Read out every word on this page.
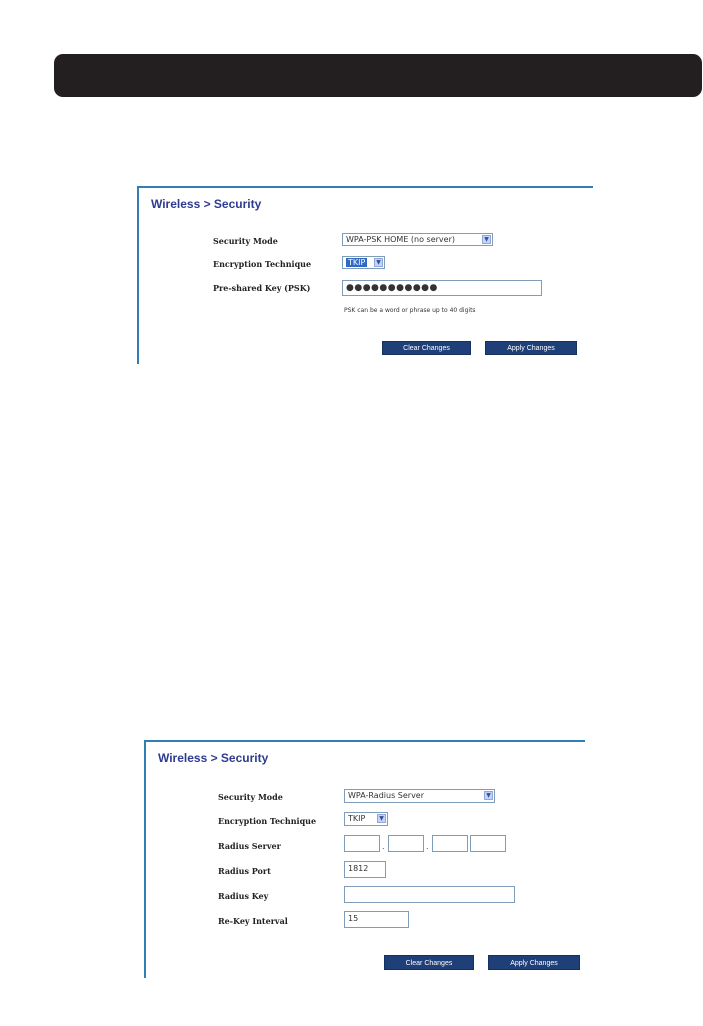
Wireless > Security
Security Mode	WPA-PSK HOME (no server)	▼
Encryption Technique	TKIP	▼
Pre-shared Key (PSK)	●●●●●●●●●●●
PSK can be a word or phrase up to 40 digits
Clear Changes	Apply Changes
Wireless > Security
Security Mode	WPA-Radius Server	▼
Encryption Technique	TKIP	▼
Radius Server	.	.
Radius Port	1812
Radius Key
Re-Key Interval	15
Clear Changes	Apply Changes
